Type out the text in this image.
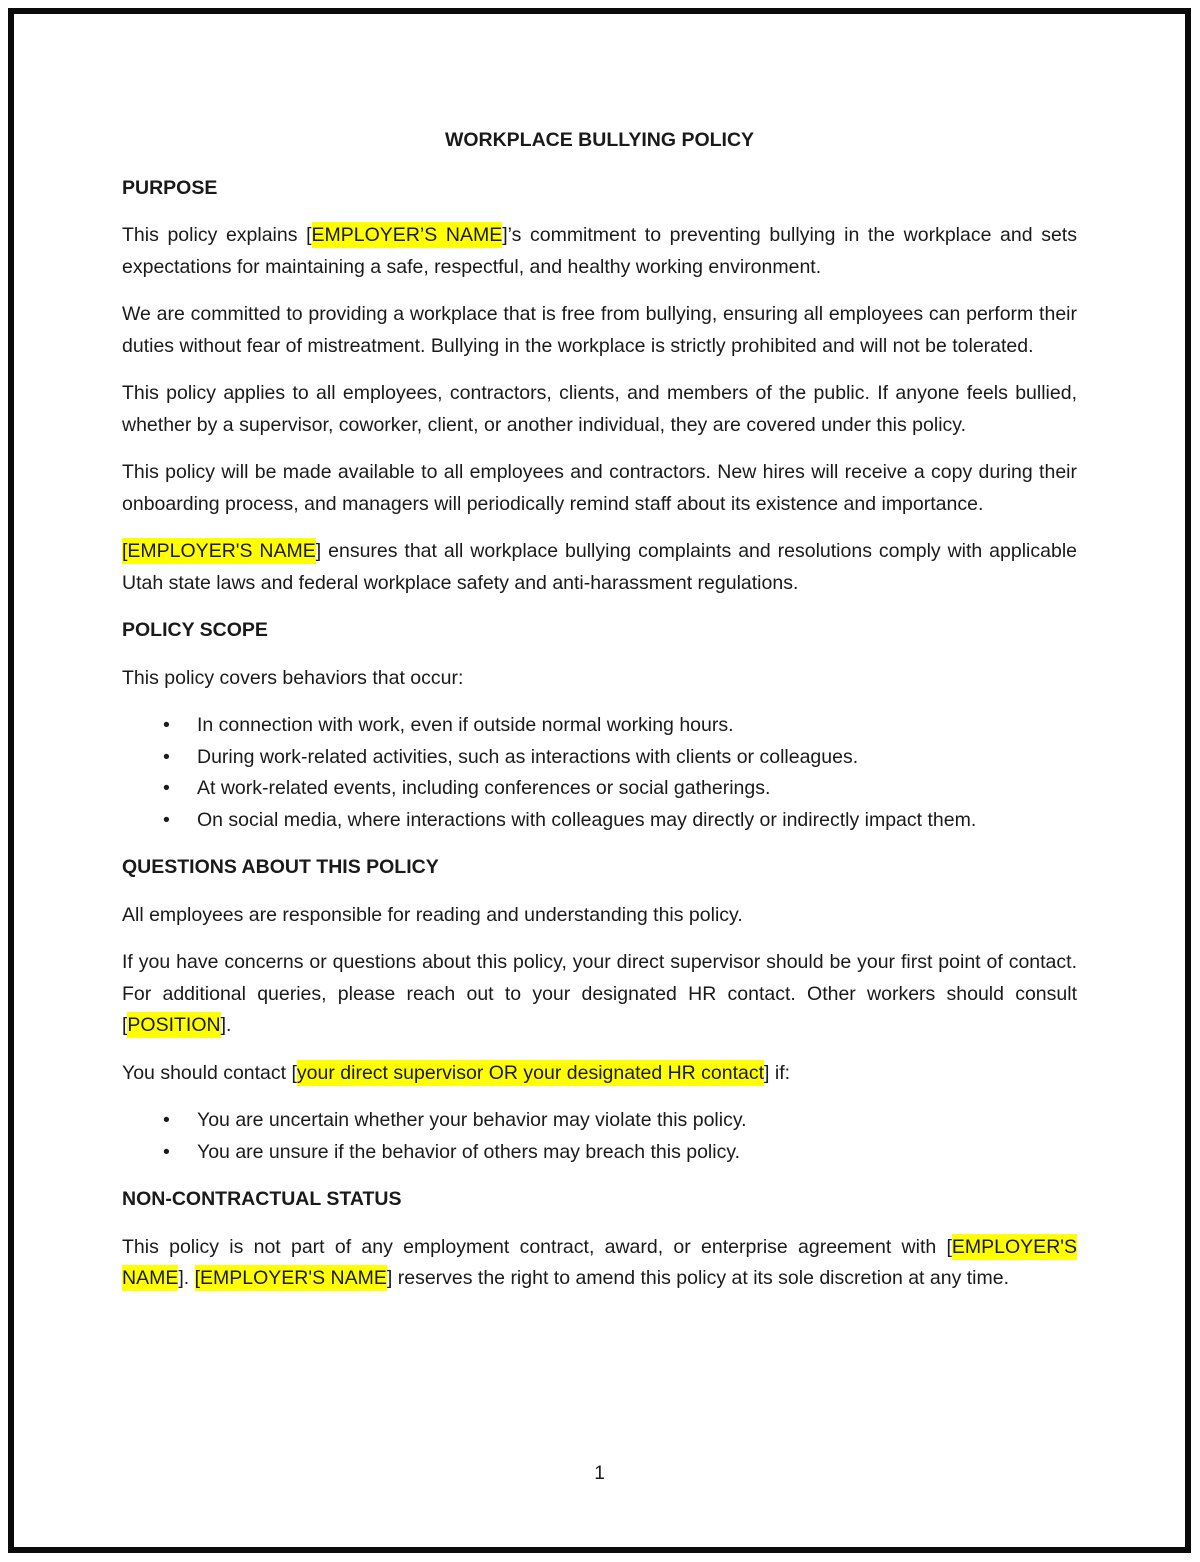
WORKPLACE BULLYING POLICY
PURPOSE

This policy explains [EMPLOYER’S NAME]’s commitment to preventing bullying in the workplace and sets expectations for maintaining a safe, respectful, and healthy working environment.

We are committed to providing a workplace that is free from bullying, ensuring all employees can perform their duties without fear of mistreatment. Bullying in the workplace is strictly prohibited and will not be tolerated.

This policy applies to all employees, contractors, clients, and members of the public. If anyone feels bullied, whether by a supervisor, coworker, client, or another individual, they are covered under this policy.

This policy will be made available to all employees and contractors. New hires will receive a copy during their onboarding process, and managers will periodically remind staff about its existence and importance.

[EMPLOYER'S NAME] ensures that all workplace bullying complaints and resolutions comply with applicable Utah state laws and federal workplace safety and anti-harassment regulations.

POLICY SCOPE

This policy covers behaviors that occur:

• In connection with work, even if outside normal working hours.
• During work-related activities, such as interactions with clients or colleagues.
• At work-related events, including conferences or social gatherings.
• On social media, where interactions with colleagues may directly or indirectly impact them.
QUESTIONS ABOUT THIS POLICY

All employees are responsible for reading and understanding this policy.

If you have concerns or questions about this policy, your direct supervisor should be your first point of contact. For additional queries, please reach out to your designated HR contact. Other workers should consult [POSITION].

You should contact [your direct supervisor OR your designated HR contact] if:

• You are uncertain whether your behavior may violate this policy.
• You are unsure if the behavior of others may breach this policy.
NON-CONTRACTUAL STATUS

This policy is not part of any employment contract, award, or enterprise agreement with [EMPLOYER'S NAME]. [EMPLOYER'S NAME] reserves the right to amend this policy at its sole discretion at any time.

1
